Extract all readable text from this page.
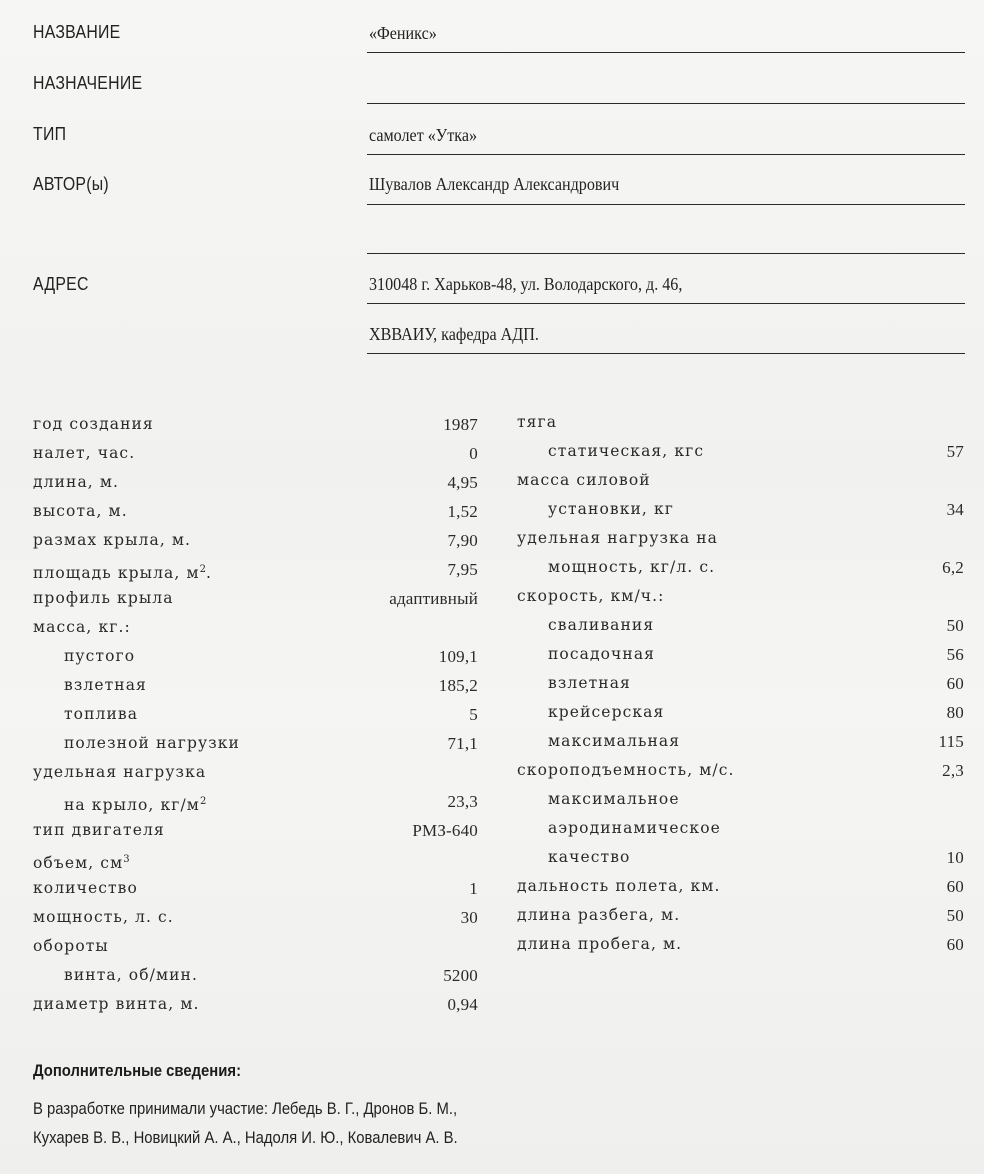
НАЗВАНИЕ	«Феникс»
НАЗНАЧЕНИЕ
ТИП	самолет «Утка»
АВТОР(ы)	Шувалов Александр Александрович
АДРЕС	310048 г. Харьков-48, ул. Володарского, д. 46,
ХВВАИУ, кафедра АДП.
год создания	1987
налет, час.	0
длина, м.	4,95
высота, м.	1,52
размах крыла, м.	7,90
площадь крыла, $м^2$.	7,95
профиль крыла	адаптивный
масса, кг.:
пустого	109,1
взлетная	185,2
топлива	5
полезной нагрузки	71,1
удельная нагрузка
на крыло, $кг/м^2$	23,3
тип двигателя	РМЗ-640
объем, $см^3$
количество	1
мощность, л. с.	30
обороты
винта, об/мин.	5200
диаметр винта, м.	0,94
тяга
статическая, кгс	57
масса силовой
установки, кг	34
удельная нагрузка на
мощность, кг/л. с.	6,2
скорость, км/ч.:
сваливания	50
посадочная	56
взлетная	60
крейсерская	80
максимальная	115
скороподъемность, м/с.	2,3
максимальное
аэродинамическое
качество	10
дальность полета, км.	60
длина разбега, м.	50
длина пробега, м.	60
Дополнительные сведения:
В разработке принимали участие: Лебедь В. Г., Дронов Б. М.,
Кухарев В. В., Новицкий А. А., Надоля И. Ю., Ковалевич А. В.
